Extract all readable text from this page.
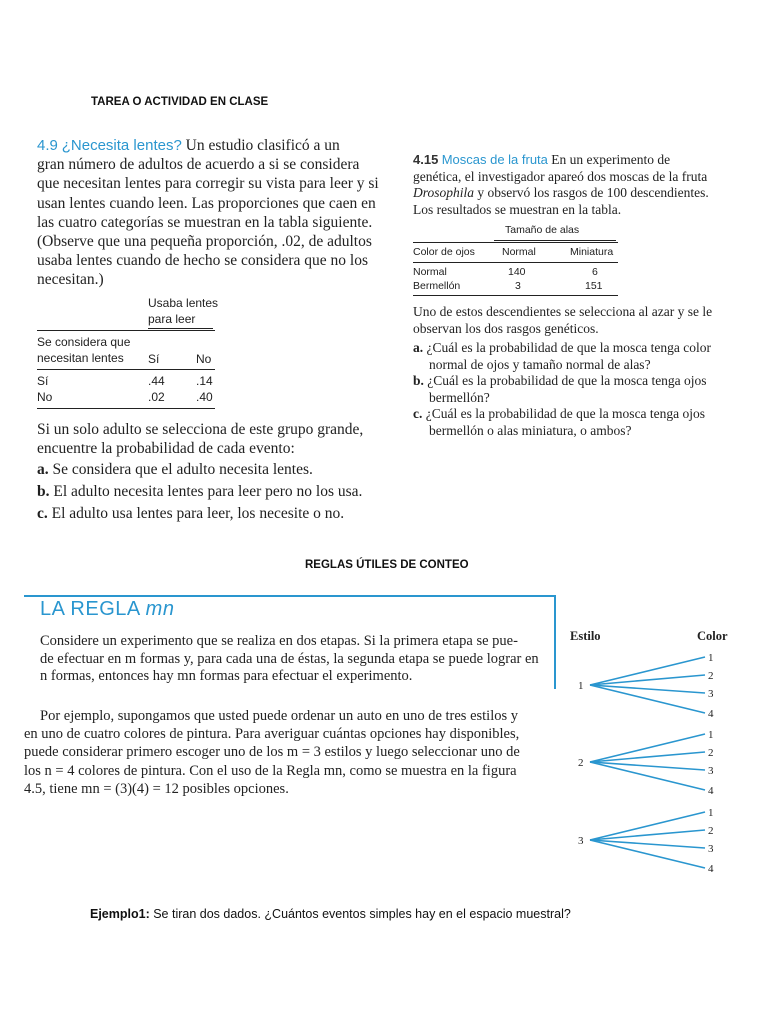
TAREA O ACTIVIDAD EN CLASE
4.9 ¿Necesita lentes? Un estudio clasificó a un
gran número de adultos de acuerdo a si se considera
que necesitan lentes para corregir su vista para leer y si
usan lentes cuando leen. Las proporciones que caen en
las cuatro categorías se muestran en la tabla siguiente.
(Observe que una pequeña proporción, .02, de adultos
usaba lentes cuando de hecho se considera que no los
necesitan.)
Usaba lentes
para leer
Se considera que
necesitan lentes Sí	No
Sí	.44	.14
No	.02	.40
Si un solo adulto se selecciona de este grupo grande,
encuentre la probabilidad de cada evento:
a. Se considera que el adulto necesita lentes.
b. El adulto necesita lentes para leer pero no los usa.
c. El adulto usa lentes para leer, los necesite o no.
4.15 Moscas de la fruta En un experimento de
genética, el investigador apareó dos moscas de la fruta
Drosophila y observó los rasgos de 100 descendientes.
Los resultados se muestran en la tabla.
Tamaño de alas
Color de ojos	Normal	Miniatura
Normal	140	6
Bermellón	3	151
Uno de estos descendientes se selecciona al azar y se le
observan los dos rasgos genéticos.
a. ¿Cuál es la probabilidad de que la mosca tenga color
normal de ojos y tamaño normal de alas?
b. ¿Cuál es la probabilidad de que la mosca tenga ojos
bermellón?
c. ¿Cuál es la probabilidad de que la mosca tenga ojos
bermellón o alas miniatura, o ambos?
REGLAS ÚTILES DE CONTEO
LA REGLA mn
Considere un experimento que se realiza en dos etapas. Si la primera etapa se pue-
de efectuar en m formas y, para cada una de éstas, la segunda etapa se puede lograr en
n formas, entonces hay mn formas para efectuar el experimento.
Por ejemplo, supongamos que usted puede ordenar un auto en uno de tres estilos y
en uno de cuatro colores de pintura. Para averiguar cuántas opciones hay disponibles,
puede considerar primero escoger uno de los m = 3 estilos y luego seleccionar uno de
los n = 4 colores de pintura. Con el uso de la Regla mn, como se muestra en la figura
4.5, tiene mn = (3)(4) = 12 posibles opciones.
Estilo	Color
1
1
2
3
4
2
1
2
3
4
3
1
2
3
4
Ejemplo1: Se tiran dos dados. ¿Cuántos eventos simples hay en el espacio muestral?
